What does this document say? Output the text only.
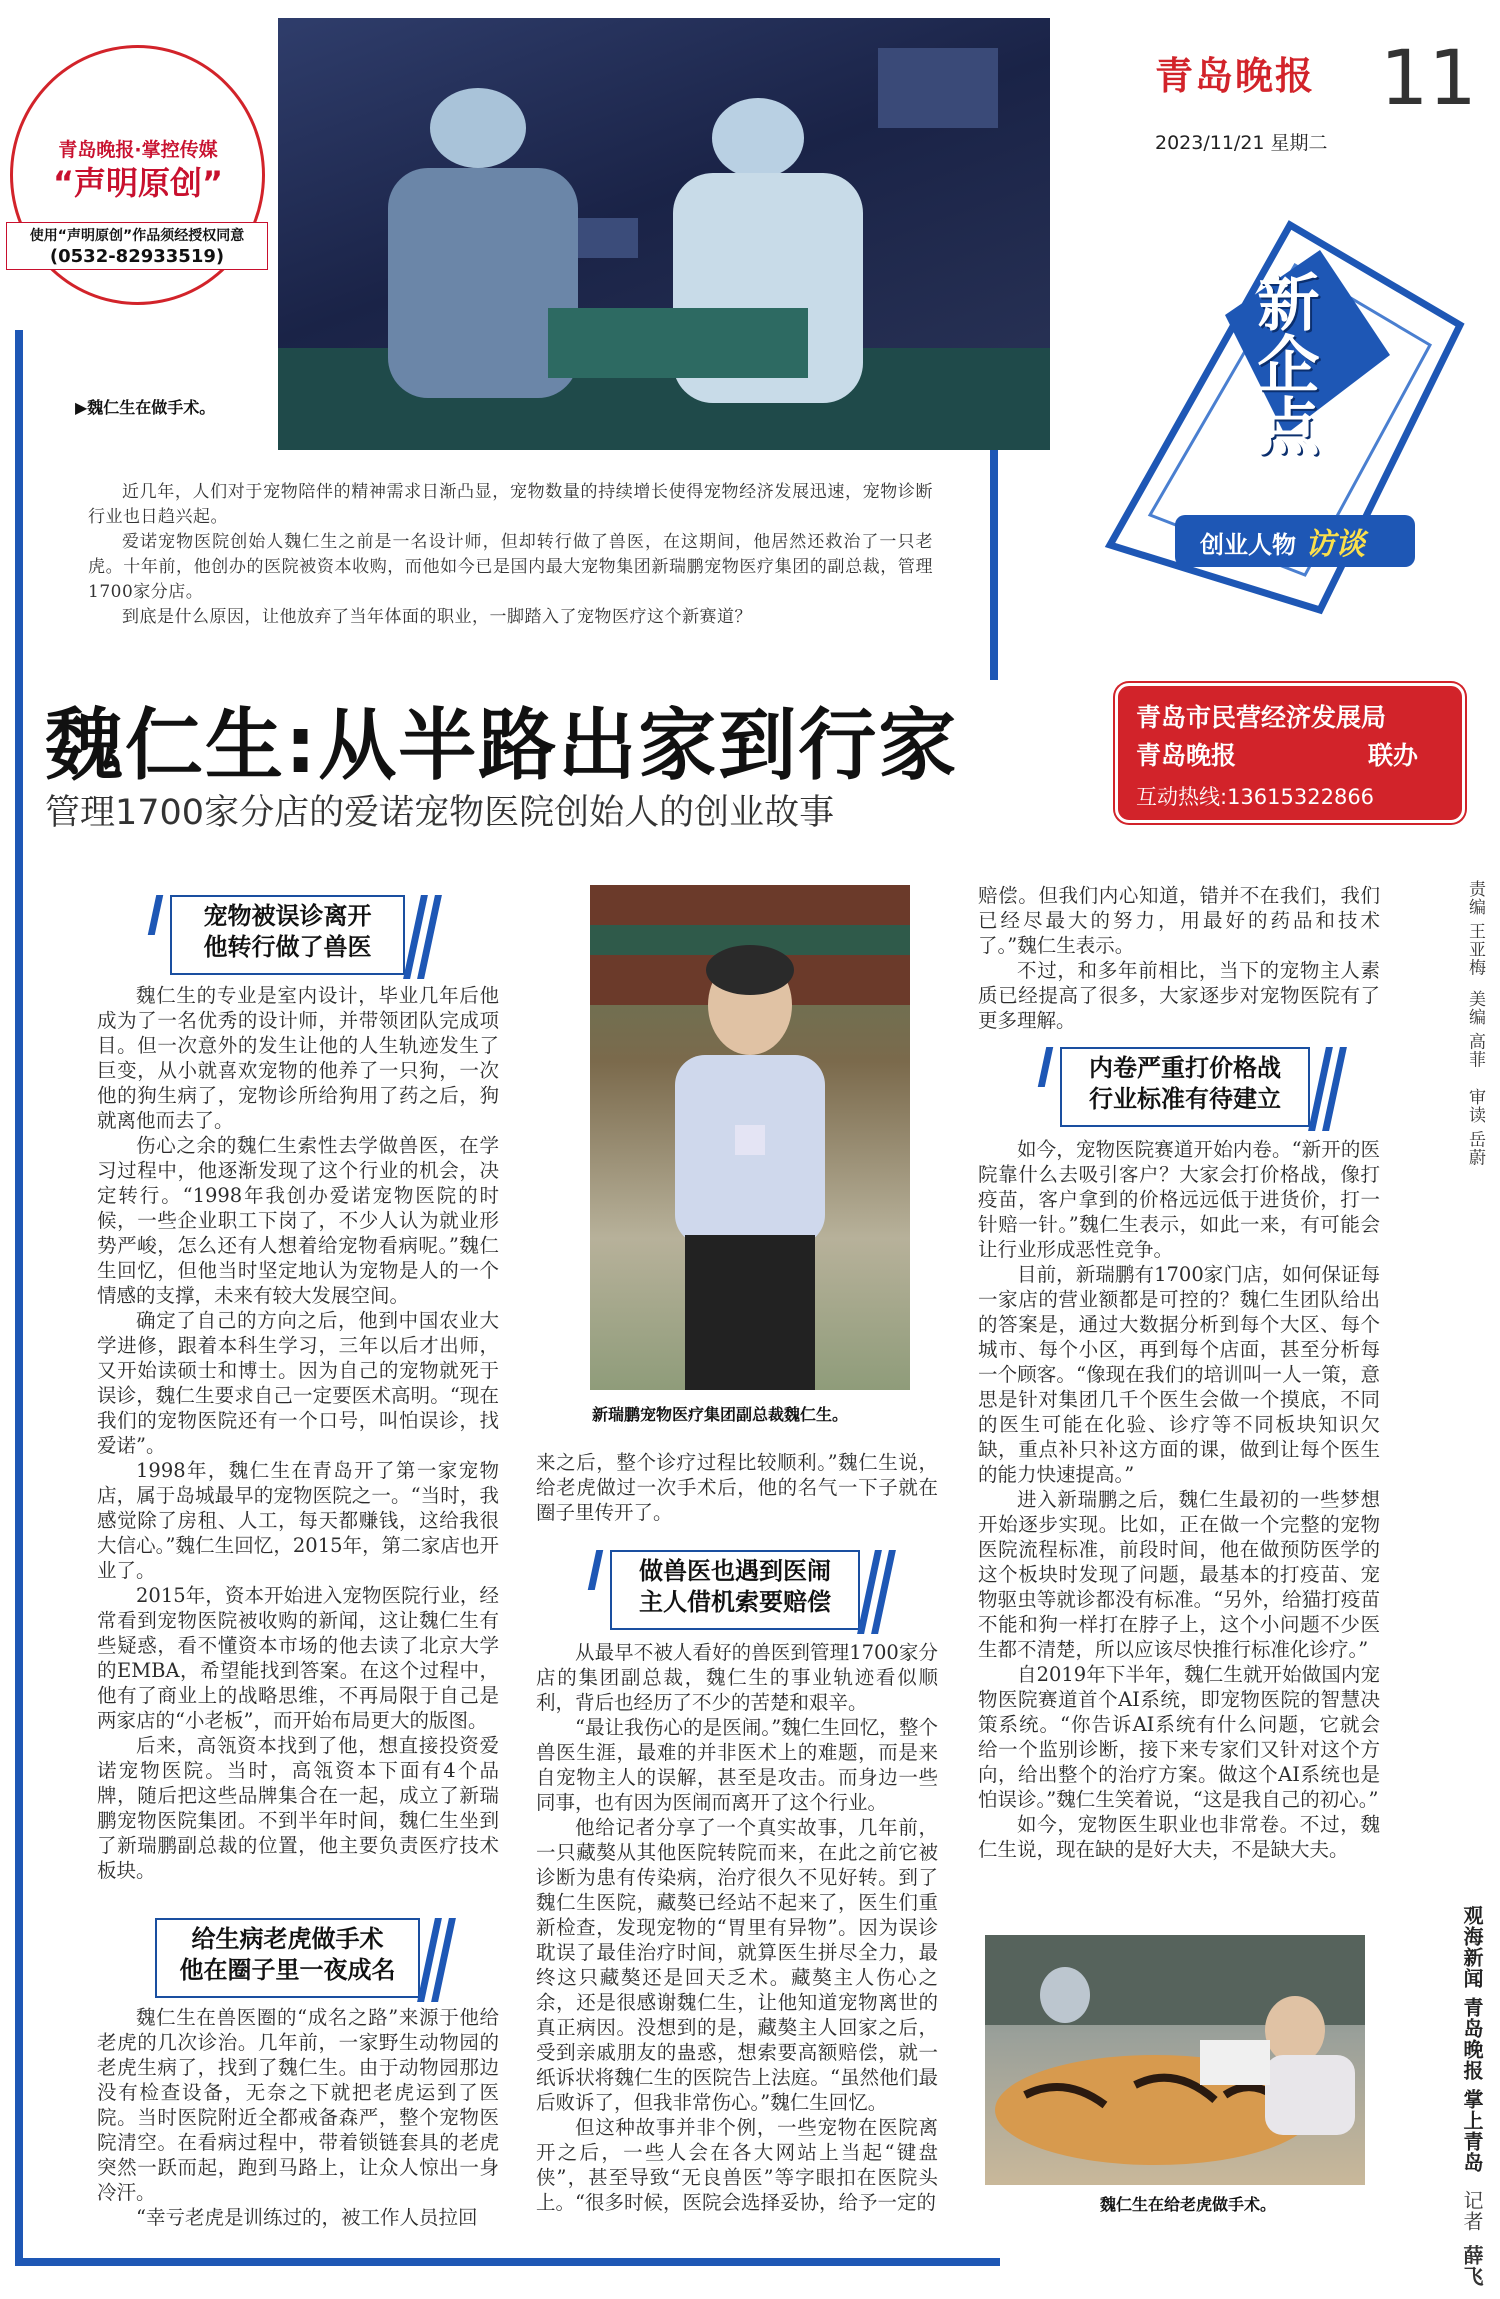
青岛晚报·掌控传媒
“声明原创”
使用“声明原创”作品须经授权同意
(0532-82933519)
▶魏仁生在做手术。
青岛晚报 11
2023/11/21 星期二
新企点
创业人物 访谈

近几年，人们对于宠物陪伴的精神需求日渐凸显，宠物数量的持续增长使得宠物经济发展迅速，宠物诊断行业也日趋兴起。

爱诺宠物医院创始人魏仁生之前是一名设计师，但却转行做了兽医，在这期间，他居然还救治了一只老虎。十年前，他创办的医院被资本收购，而他如今已是国内最大宠物集团新瑞鹏宠物医疗集团的副总裁，管理1700家分店。

到底是什么原因，让他放弃了当年体面的职业，一脚踏入了宠物医疗这个新赛道？

魏仁生:从半路出家到行家
管理1700家分店的爱诺宠物医院创始人的创业故事
青岛市民营经济发展局
青岛晚报	联办
互动热线:13615322866
责编 王亚梅
美编 高菲
审读 岳蔚
观海新闻 青岛晚报 掌上青岛
记者
薛飞
宠物被误诊离开
他转行做了兽医
给生病老虎做手术
他在圈子里一夜成名
做兽医也遇到医闹
主人借机索要赔偿
内卷严重打价格战
行业标准有待建立

魏仁生的专业是室内设计，毕业几年后他成为了一名优秀的设计师，并带领团队完成项目。但一次意外的发生让他的人生轨迹发生了巨变，从小就喜欢宠物的他养了一只狗，一次他的狗生病了，宠物诊所给狗用了药之后，狗就离他而去了。

伤心之余的魏仁生索性去学做兽医，在学习过程中，他逐渐发现了这个行业的机会，决定转行。“1998年我创办爱诺宠物医院的时候，一些企业职工下岗了，不少人认为就业形势严峻，怎么还有人想着给宠物看病呢。”魏仁生回忆，但他当时坚定地认为宠物是人的一个情感的支撑，未来有较大发展空间。

确定了自己的方向之后，他到中国农业大学进修，跟着本科生学习，三年以后才出师，又开始读硕士和博士。因为自己的宠物就死于误诊，魏仁生要求自己一定要医术高明。“现在我们的宠物医院还有一个口号，叫怕误诊，找爱诺”。

1998年，魏仁生在青岛开了第一家宠物店，属于岛城最早的宠物医院之一。“当时，我感觉除了房租、人工，每天都赚钱，这给我很大信心。”魏仁生回忆，2015年，第二家店也开业了。

2015年，资本开始进入宠物医院行业，经常看到宠物医院被收购的新闻，这让魏仁生有些疑惑，看不懂资本市场的他去读了北京大学的EMBA，希望能找到答案。在这个过程中，他有了商业上的战略思维，不再局限于自己是两家店的“小老板”，而开始布局更大的版图。

后来，高瓴资本找到了他，想直接投资爱诺宠物医院。当时，高瓴资本下面有4个品牌，随后把这些品牌集合在一起，成立了新瑞鹏宠物医院集团。不到半年时间，魏仁生坐到了新瑞鹏副总裁的位置，他主要负责医疗技术板块。

魏仁生在兽医圈的“成名之路”来源于他给老虎的几次诊治。几年前，一家野生动物园的老虎生病了，找到了魏仁生。由于动物园那边没有检查设备，无奈之下就把老虎运到了医院。当时医院附近全都戒备森严，整个宠物医院清空。在看病过程中，带着锁链套具的老虎突然一跃而起，跑到马路上，让众人惊出一身冷汗。

“幸亏老虎是训练过的，被工作人员拉回

新瑞鹏宠物医疗集团副总裁魏仁生。

来之后，整个诊疗过程比较顺利。”魏仁生说，给老虎做过一次手术后，他的名气一下子就在圈子里传开了。

从最早不被人看好的兽医到管理1700家分店的集团副总裁，魏仁生的事业轨迹看似顺利，背后也经历了不少的苦楚和艰辛。

“最让我伤心的是医闹。”魏仁生回忆，整个兽医生涯，最难的并非医术上的难题，而是来自宠物主人的误解，甚至是攻击。而身边一些同事，也有因为医闹而离开了这个行业。

他给记者分享了一个真实故事，几年前，一只藏獒从其他医院转院而来，在此之前它被诊断为患有传染病，治疗很久不见好转。到了魏仁生医院，藏獒已经站不起来了，医生们重新检查，发现宠物的“胃里有异物”。因为误诊耽误了最佳治疗时间，就算医生拼尽全力，最终这只藏獒还是回天乏术。藏獒主人伤心之余，还是很感谢魏仁生，让他知道宠物离世的真正病因。没想到的是，藏獒主人回家之后，受到亲戚朋友的蛊惑，想索要高额赔偿，就一纸诉状将魏仁生的医院告上法庭。“虽然他们最后败诉了，但我非常伤心。”魏仁生回忆。

但这种故事并非个例，一些宠物在医院离开之后，一些人会在各大网站上当起“键盘侠”，甚至导致“无良兽医”等字眼扣在医院头上。“很多时候，医院会选择妥协，给予一定的

赔偿。但我们内心知道，错并不在我们，我们已经尽最大的努力，用最好的药品和技术了。”魏仁生表示。

不过，和多年前相比，当下的宠物主人素质已经提高了很多，大家逐步对宠物医院有了更多理解。

如今，宠物医院赛道开始内卷。“新开的医院靠什么去吸引客户？大家会打价格战，像打疫苗，客户拿到的价格远远低于进货价，打一针赔一针。”魏仁生表示，如此一来，有可能会让行业形成恶性竞争。

目前，新瑞鹏有1700家门店，如何保证每一家店的营业额都是可控的？魏仁生团队给出的答案是，通过大数据分析到每个大区、每个城市、每个小区，再到每个店面，甚至分析每一个顾客。“像现在我们的培训叫一人一策，意思是针对集团几千个医生会做一个摸底，不同的医生可能在化验、诊疗等不同板块知识欠缺，重点补只补这方面的课，做到让每个医生的能力快速提高。”

进入新瑞鹏之后，魏仁生最初的一些梦想开始逐步实现。比如，正在做一个完整的宠物医院流程标准，前段时间，他在做预防医学的这个板块时发现了问题，最基本的打疫苗、宠物驱虫等就诊都没有标准。“另外，给猫打疫苗不能和狗一样打在脖子上，这个小问题不少医生都不清楚，所以应该尽快推行标准化诊疗。”

自2019年下半年，魏仁生就开始做国内宠物医院赛道首个AI系统，即宠物医院的智慧决策系统。“你告诉AI系统有什么问题，它就会给一个监别诊断，接下来专家们又针对这个方向，给出整个的治疗方案。做这个AI系统也是怕误诊。”魏仁生笑着说，“这是我自己的初心。”

如今，宠物医生职业也非常卷。不过，魏仁生说，现在缺的是好大夫，不是缺大夫。

魏仁生在给老虎做手术。
